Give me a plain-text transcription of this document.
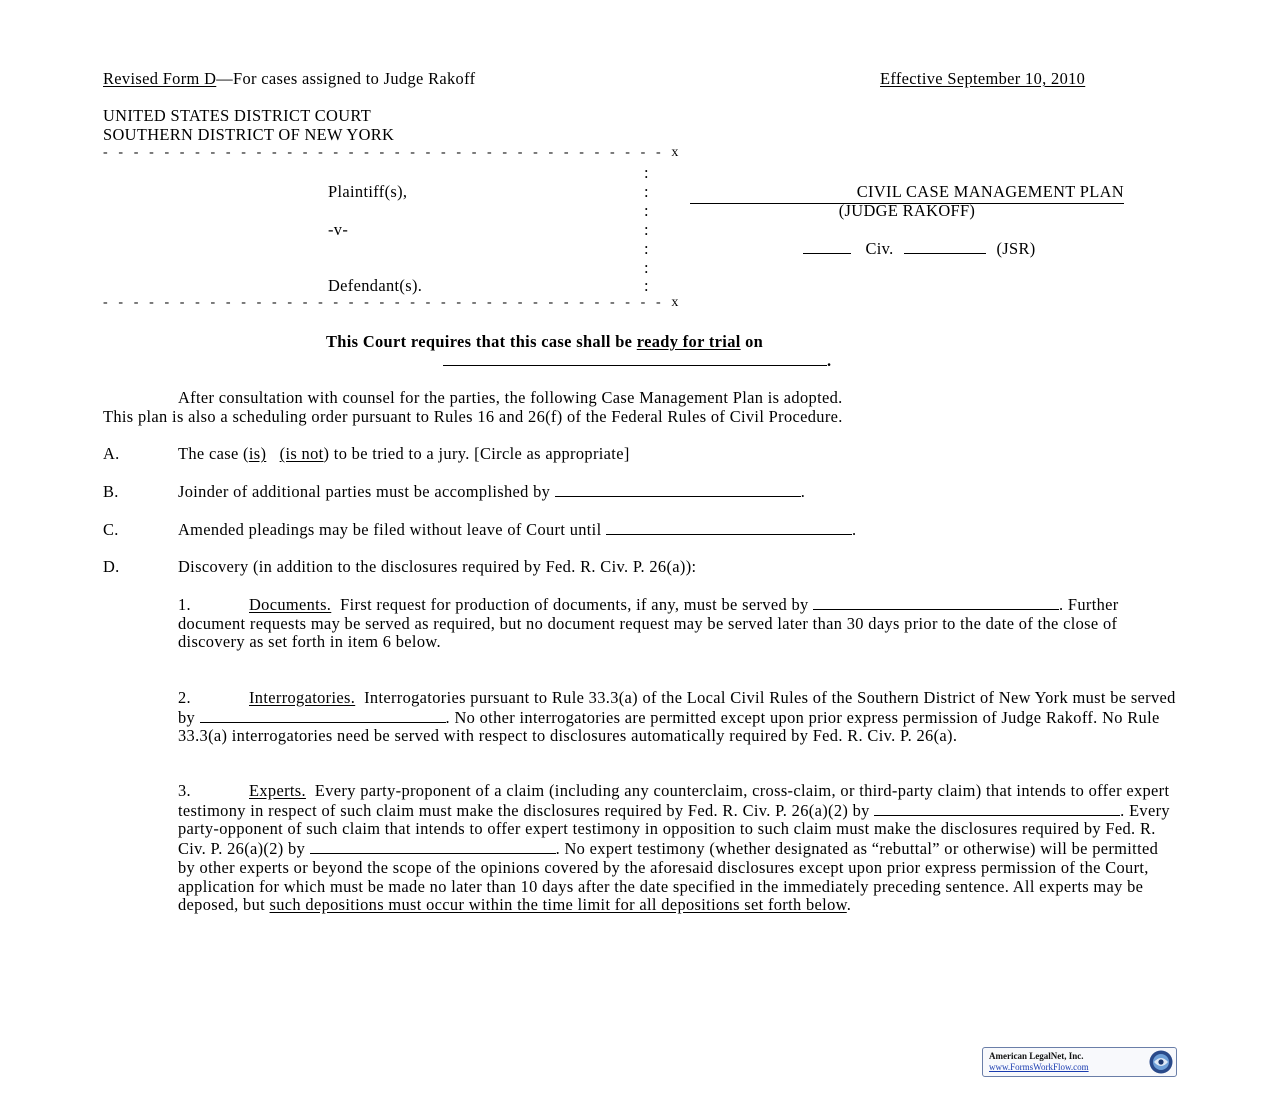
Revised Form D—For cases assigned to Judge Rakoff	Effective September 10, 2010
UNITED STATES DISTRICT COURT
SOUTHERN DISTRICT OF NEW YORK
- - - - - - - - - - - - - - - - - - - - - - - - - - - - - - - - - - - - - x
:
:
:
:
:
:
:
- - - - - - - - - - - - - - - - - - - - - - - - - - - - - - - - - - - - - x
Plaintiff(s),
-v-
Defendant(s).
CIVIL CASE MANAGEMENT PLAN
(JUDGE RAKOFF)
Civ.	(JSR)
This Court requires that this case shall be ready for trial on
.
After consultation with counsel for the parties, the following Case Management Plan is adopted.
This plan is also a scheduling order pursuant to Rules 16 and 26(f) of the Federal Rules of Civil Procedure.
A.	The case (is) (is not) to be tried to a jury. [Circle as appropriate]
B.	Joinder of additional parties must be accomplished by	.
C.	Amended pleadings may be filed without leave of Court until	.
D.	Discovery (in addition to the disclosures required by Fed. R. Civ. P. 26(a)):
1.	Documents. First request for production of documents, if any, must be served by	. Further document requests may be served as required, but no document request may be served later than 30 days prior to the date of the close of discovery as set forth in item 6 below.
2.	Interrogatories. Interrogatories pursuant to Rule 33.3(a) of the Local Civil Rules of the Southern District of New York must be served by	. No other interrogatories are permitted except upon prior express permission of Judge Rakoff. No Rule 33.3(a) interrogatories need be served with respect to disclosures automatically required by Fed. R. Civ. P. 26(a).
3.	Experts. Every party-proponent of a claim (including any counterclaim, cross-claim, or third-party claim) that intends to offer expert testimony in respect of such claim must make the disclosures required by Fed. R. Civ. P. 26(a)(2) by	. Every party-opponent of such claim that intends to offer expert testimony in opposition to such claim must make the disclosures required by Fed. R. Civ. P. 26(a)(2) by	. No expert testimony (whether designated as “rebuttal” or otherwise) will be permitted by other experts or beyond the scope of the opinions covered by the aforesaid disclosures except upon prior express permission of the Court, application for which must be made no later than 10 days after the date specified in the immediately preceding sentence. All experts may be deposed, but such depositions must occur within the time limit for all depositions set forth below.
American LegalNet, Inc.
www.FormsWorkFlow.com
